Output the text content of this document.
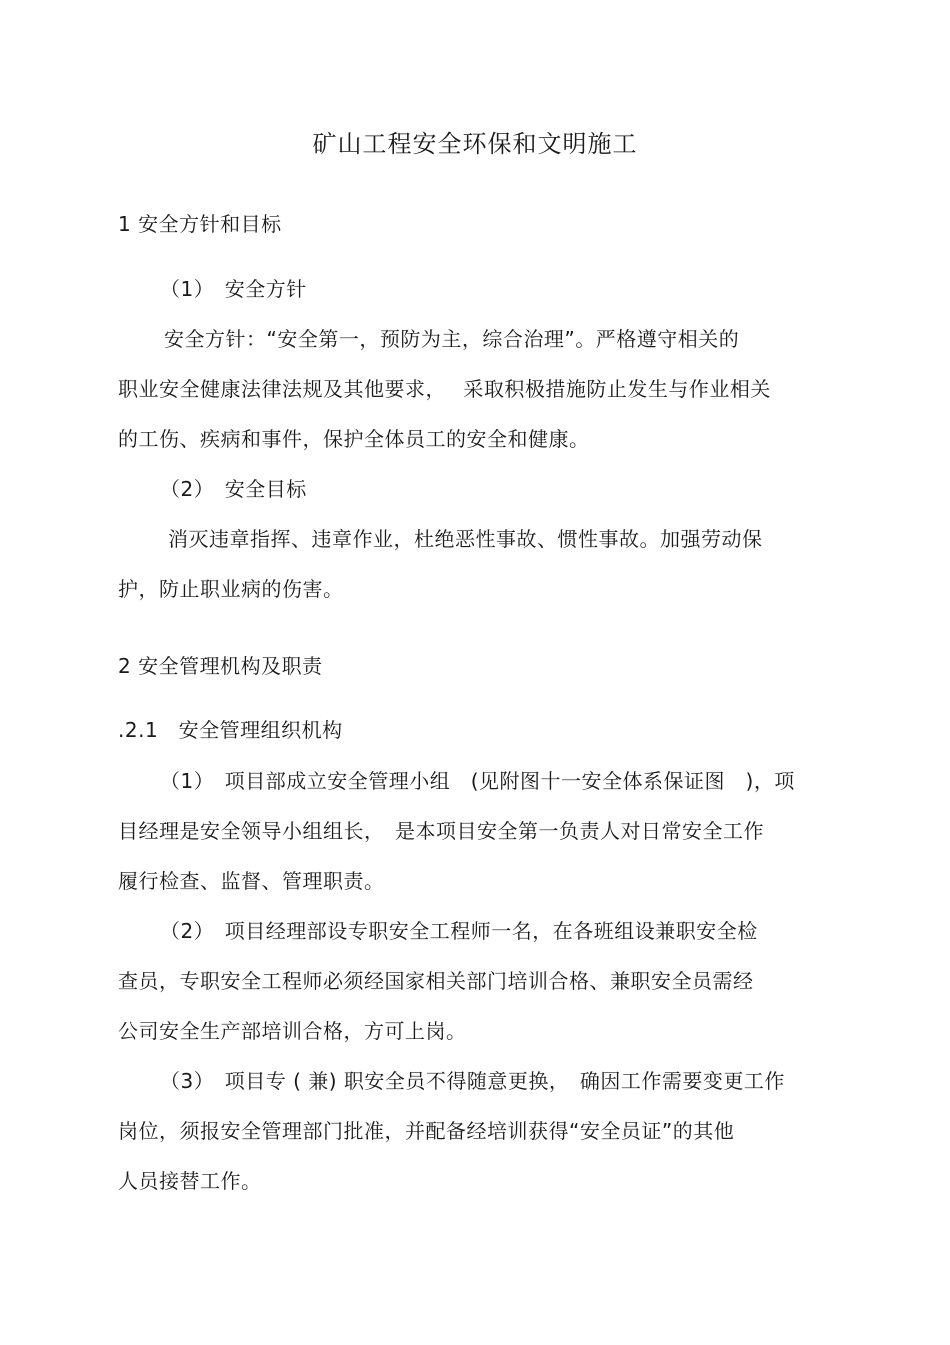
矿山工程安全环保和文明施工
1 安全方针和目标
（1）　安全方针
安全方针：“安全第一，预防为主，综合治理”。严格遵守相关的
职业安全健康法律法规及其他要求，　 采取积极措施防止发生与作业相关
的工伤、疾病和事件，保护全体员工的安全和健康。
（2）　安全目标
消灭违章指挥、违章作业，杜绝恶性事故、惯性事故。加强劳动保
护，防止职业病的伤害。
2 安全管理机构及职责
.2.1　安全管理组织机构
（1）　项目部成立安全管理小组　(见附图十一安全体系保证图　)，项
目经理是安全领导小组组长，　是本项目安全第一负责人对日常安全工作
履行检查、监督、管理职责。
（2）　项目经理部设专职安全工程师一名，在各班组设兼职安全检
查员，专职安全工程师必须经国家相关部门培训合格、兼职安全员需经
公司安全生产部培训合格，方可上岗。
（3）　项目专 ( 兼) 职安全员不得随意更换，　确因工作需要变更工作
岗位，须报安全管理部门批准，并配备经培训获得“安全员证”的其他
人员接替工作。
